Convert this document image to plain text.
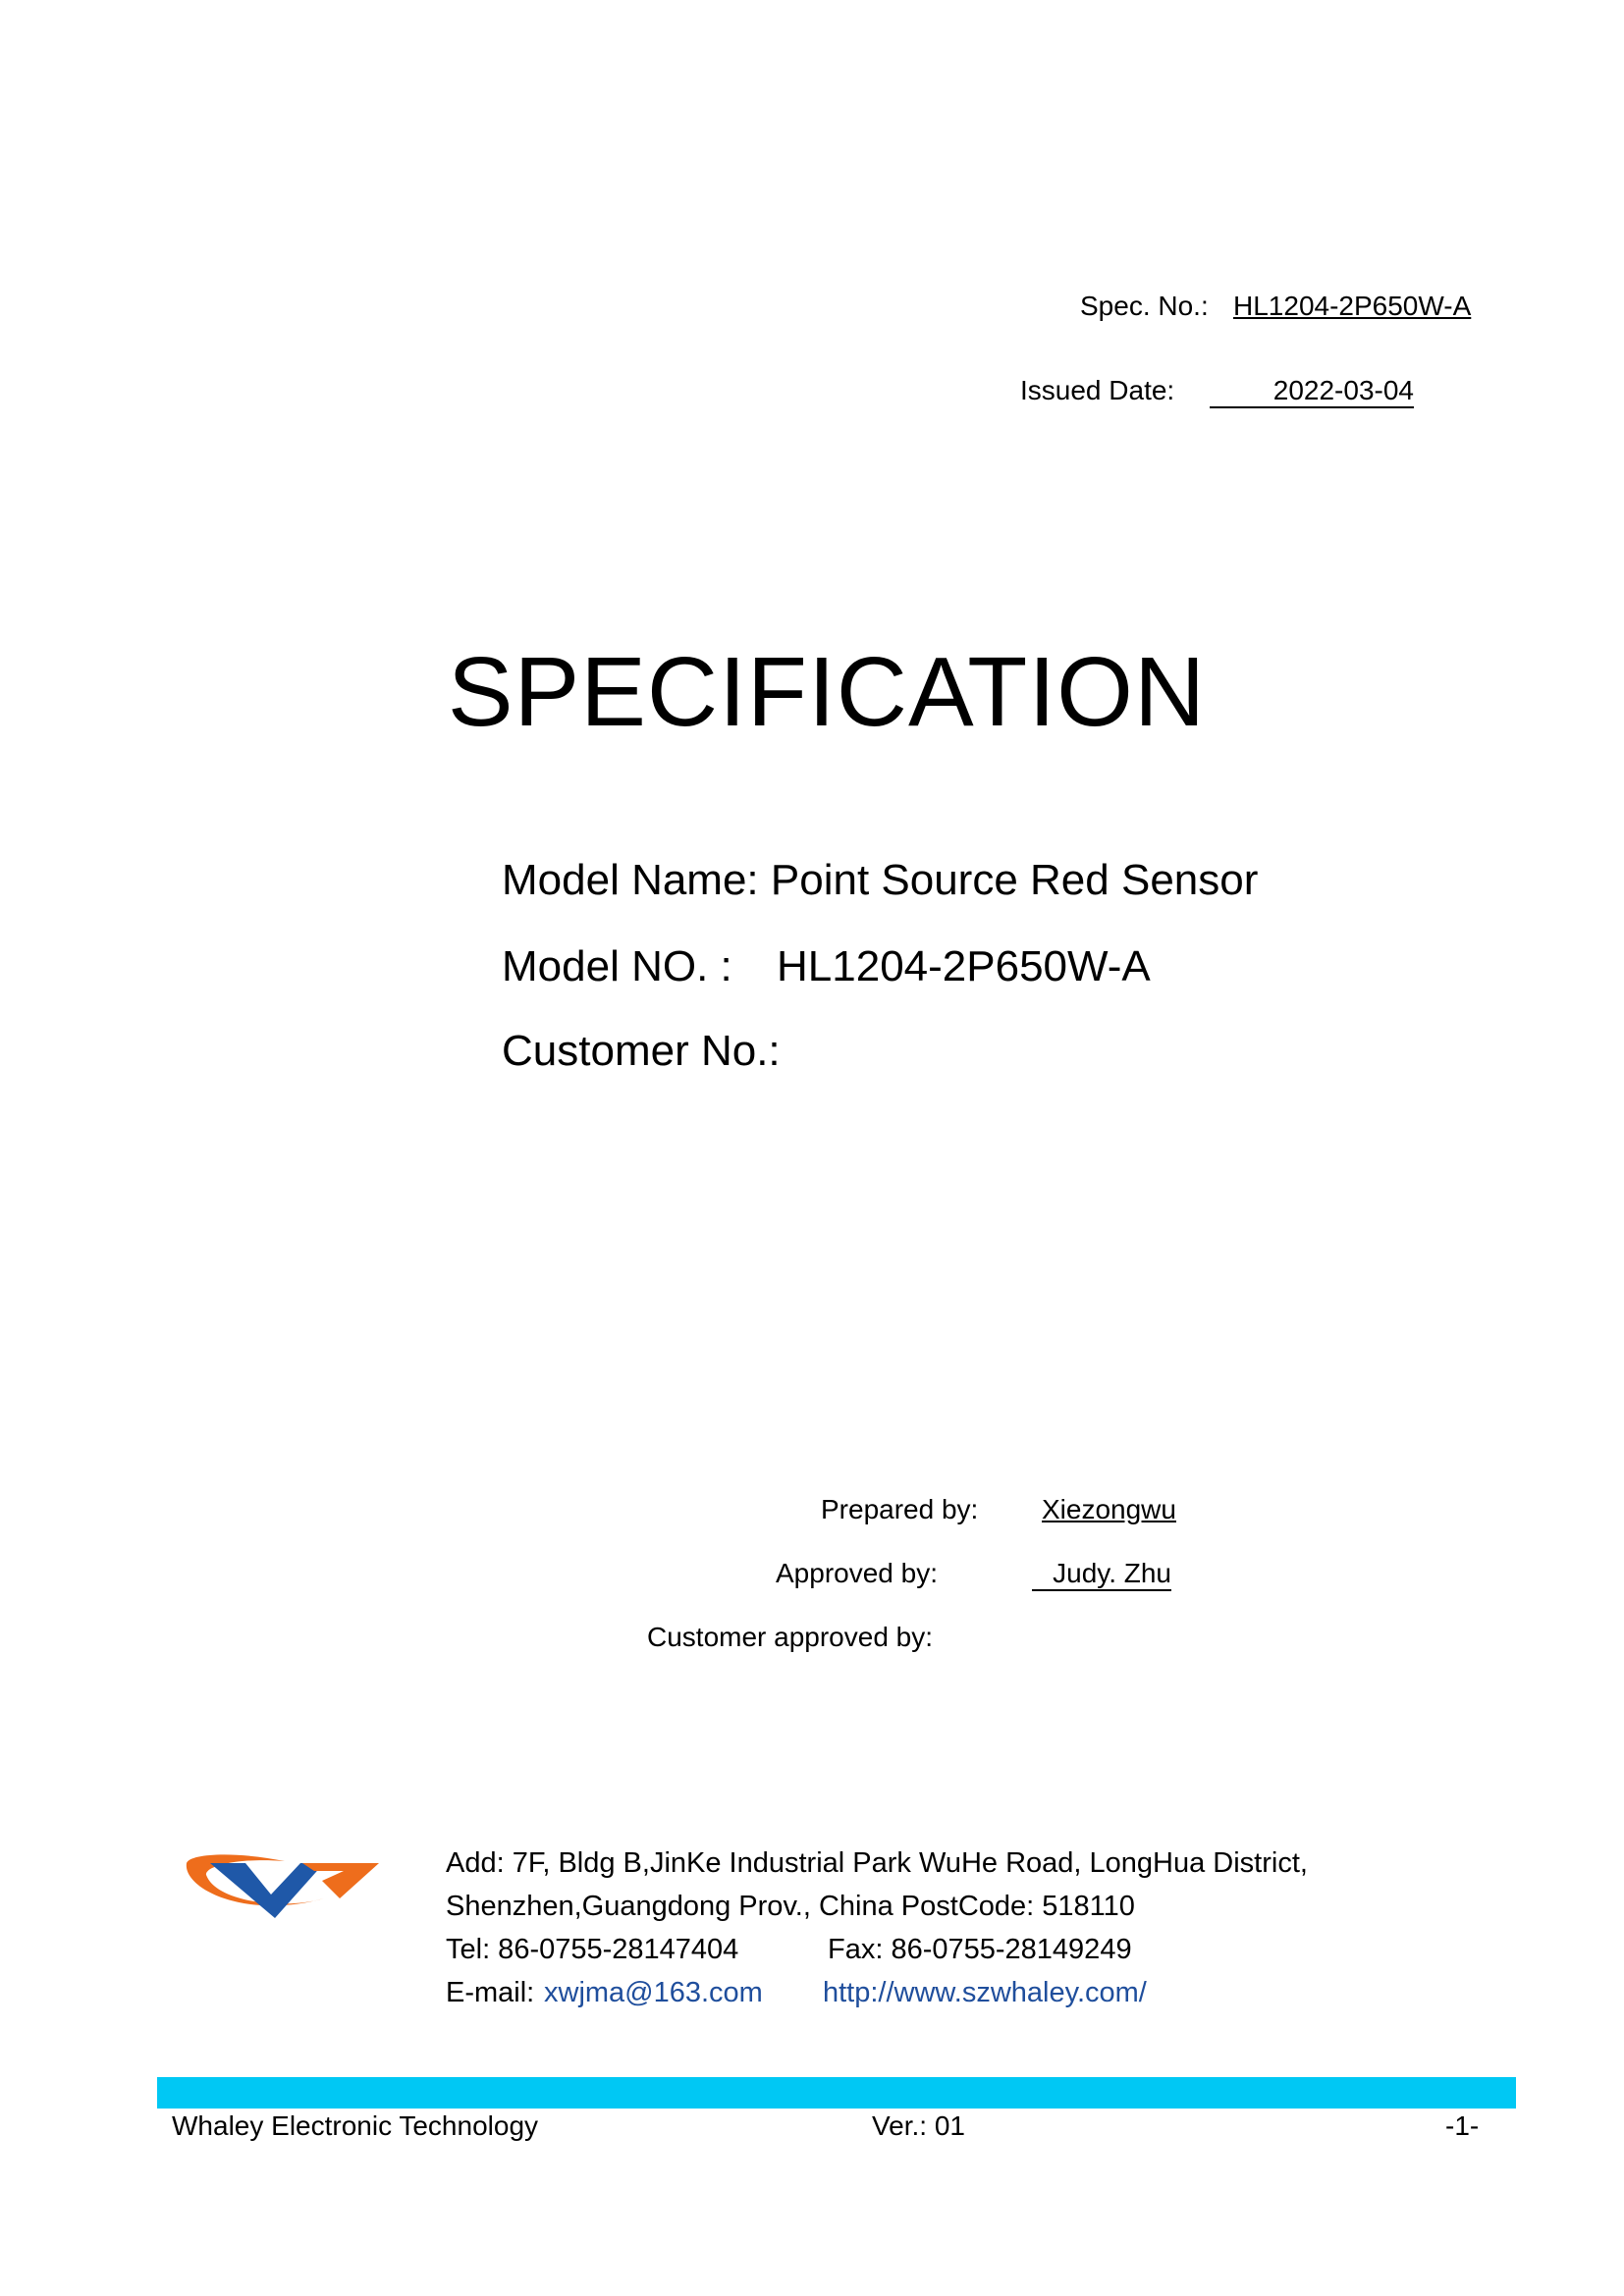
Spec. No.: HL1204-2P650W-A
Issued Date:	2022-03-04
SPECIFICATION
Model Name: Point Source Red Sensor
Model NO. : HL1204-2P650W-A
Customer No.:
Prepared by: Xiezongwu
Approved by:	Judy. Zhu
Customer approved by:
Add: 7F, Bldg B,JinKe Industrial Park WuHe Road, LongHua District,
Shenzhen,Guangdong Prov., China PostCode: 518110
Tel: 86-0755-28147404	Fax: 86-0755-28149249
E-mail: xwjma@163.com http://www.szwhaley.com/
Whaley Electronic Technology	Ver.: 01	-1-
